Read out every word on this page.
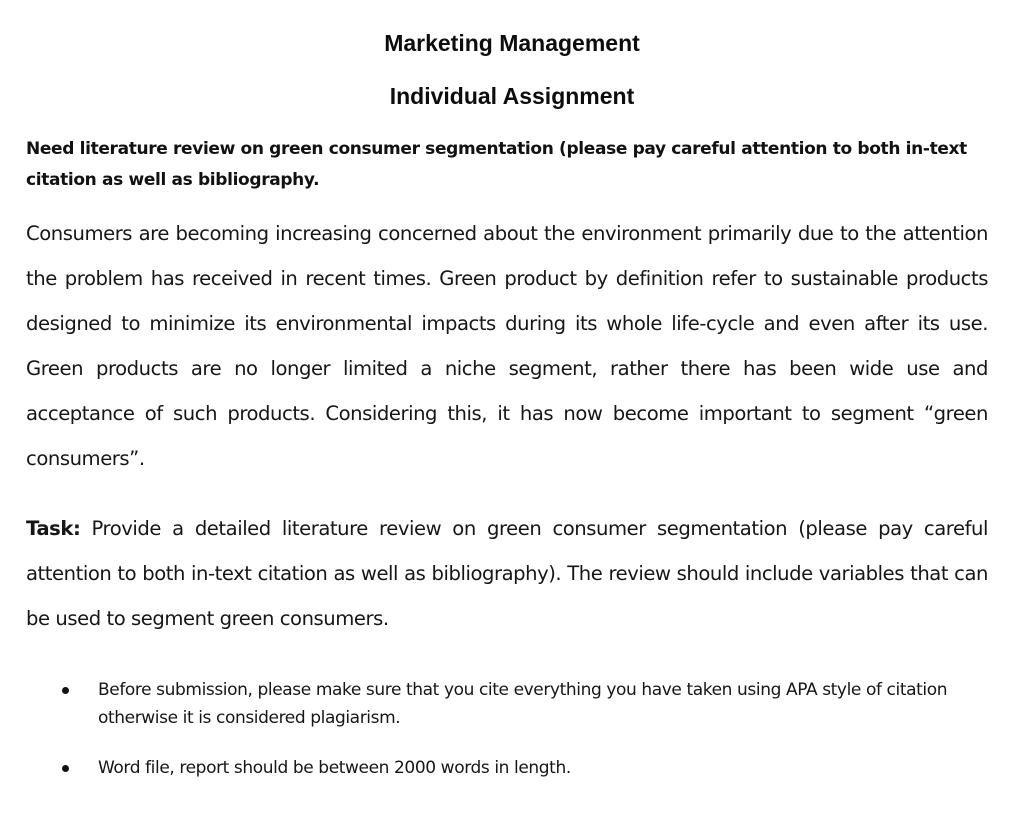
Marketing Management
Individual Assignment
Need literature review on green consumer segmentation (please pay careful attention to both in-text citation as well as bibliography.
Consumers are becoming increasing concerned about the environment primarily due to the attention the problem has received in recent times. Green product by definition refer to sustainable products designed to minimize its environmental impacts during its whole life-cycle and even after its use. Green products are no longer limited a niche segment, rather there has been wide use and acceptance of such products. Considering this, it has now become important to segment “green consumers”.
Task: Provide a detailed literature review on green consumer segmentation (please pay careful attention to both in-text citation as well as bibliography). The review should include variables that can be used to segment green consumers.
Before submission, please make sure that you cite everything you have taken using APA style of citation otherwise it is considered plagiarism.
Word file, report should be between 2000 words in length.
